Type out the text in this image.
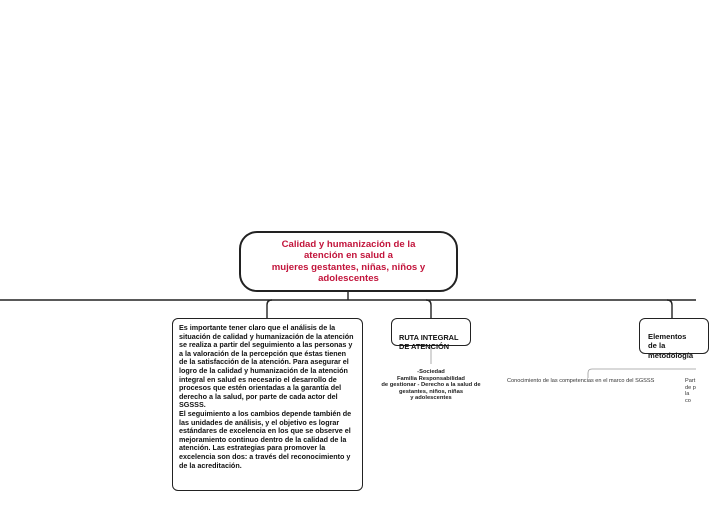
Calidad y humanización de la
atención en salud a
mujeres gestantes, niñas, niños y
adolescentes
Es importante tener claro que el análisis de la situación de calidad y humanización de la atención se realiza a partir del seguimiento a las personas y a la valoración de la percepción que éstas tienen de la satisfacción de la atención. Para asegurar el logro de la calidad y humanización de la atención integral en salud es necesario el desarrollo de procesos que estén orientadas a la garantía del derecho a la salud, por parte de cada actor del SGSSS.
El seguimiento a los cambios depende también de las unidades de análisis, y el objetivo es lograr estándares de excelencia en los que se observe el mejoramiento continuo dentro de la calidad de la atención. Las estrategias para promover la excelencia son dos: a través del reconocimiento y de la acreditación.

RUTA INTEGRAL
DE ATENCIÓN

Elementos
de la
metodología

-Sociedad
Familia Responsabilidad
de gestionar - Derecho a la salud de
gestantes, niños, niñas
y adolescentes
Conocimiento de las competencias en el marco del SGSSS	Part
de p
la co
